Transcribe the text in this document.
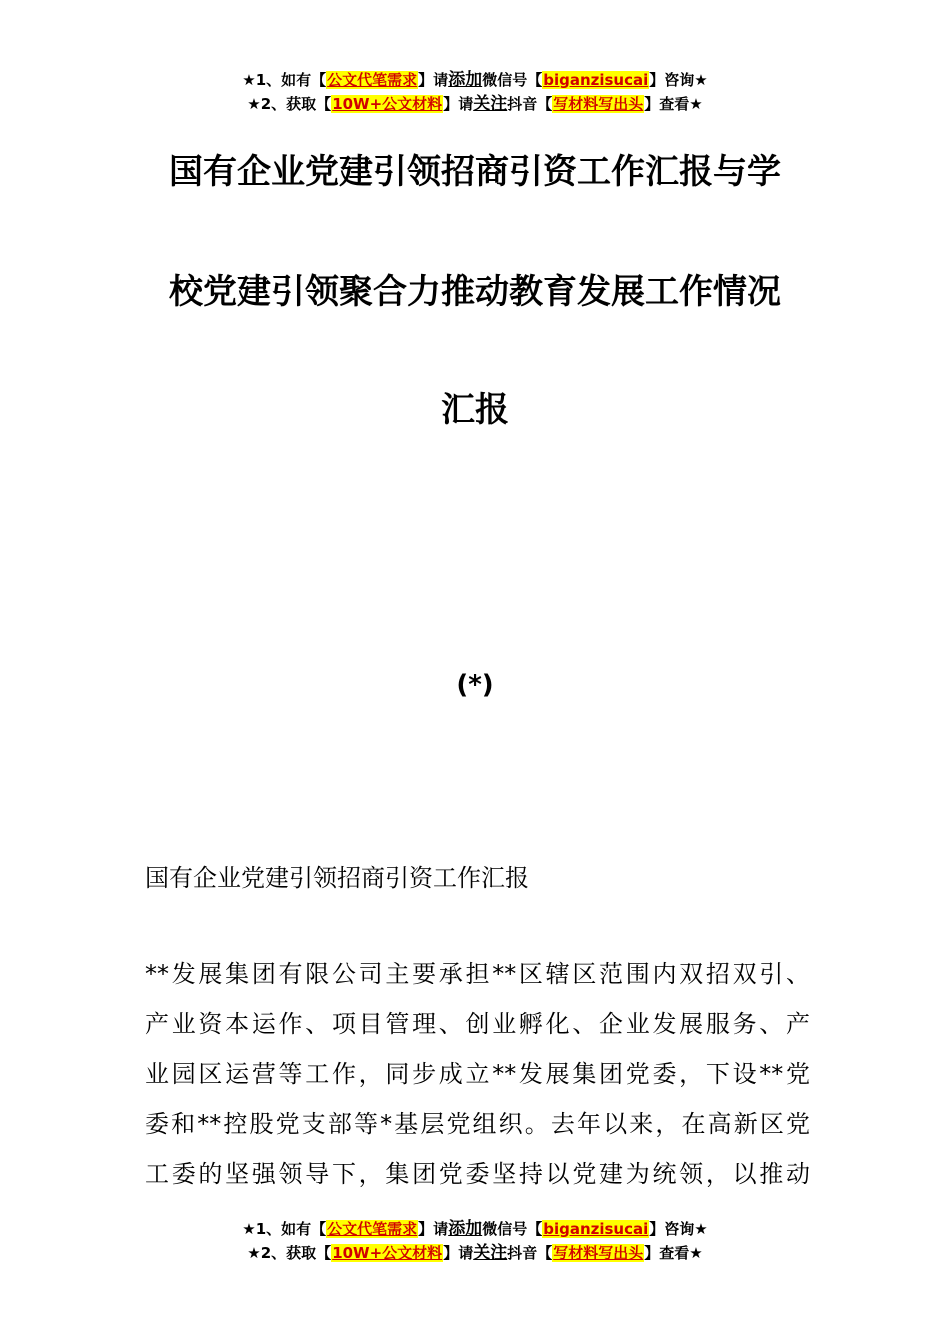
★1、如有【公文代笔需求】请添加微信号【biganzisucai】咨询★
★2、获取【10W+公文材料】请关注抖音【写材料写出头】查看★
国有企业党建引领招商引资工作汇报与学
校党建引领聚合力推动教育发展工作情况
汇报
(*)
国有企业党建引领招商引资工作汇报
**发展集团有限公司主要承担**区辖区范围内双招双引、
产业资本运作、项目管理、创业孵化、企业发展服务、产
业园区运营等工作，同步成立**发展集团党委，下设**党
委和**控股党支部等*基层党组织。去年以来，在高新区党
工委的坚强领导下，集团党委坚持以党建为统领，以推动
★1、如有【公文代笔需求】请添加微信号【biganzisucai】咨询★
★2、获取【10W+公文材料】请关注抖音【写材料写出头】查看★
